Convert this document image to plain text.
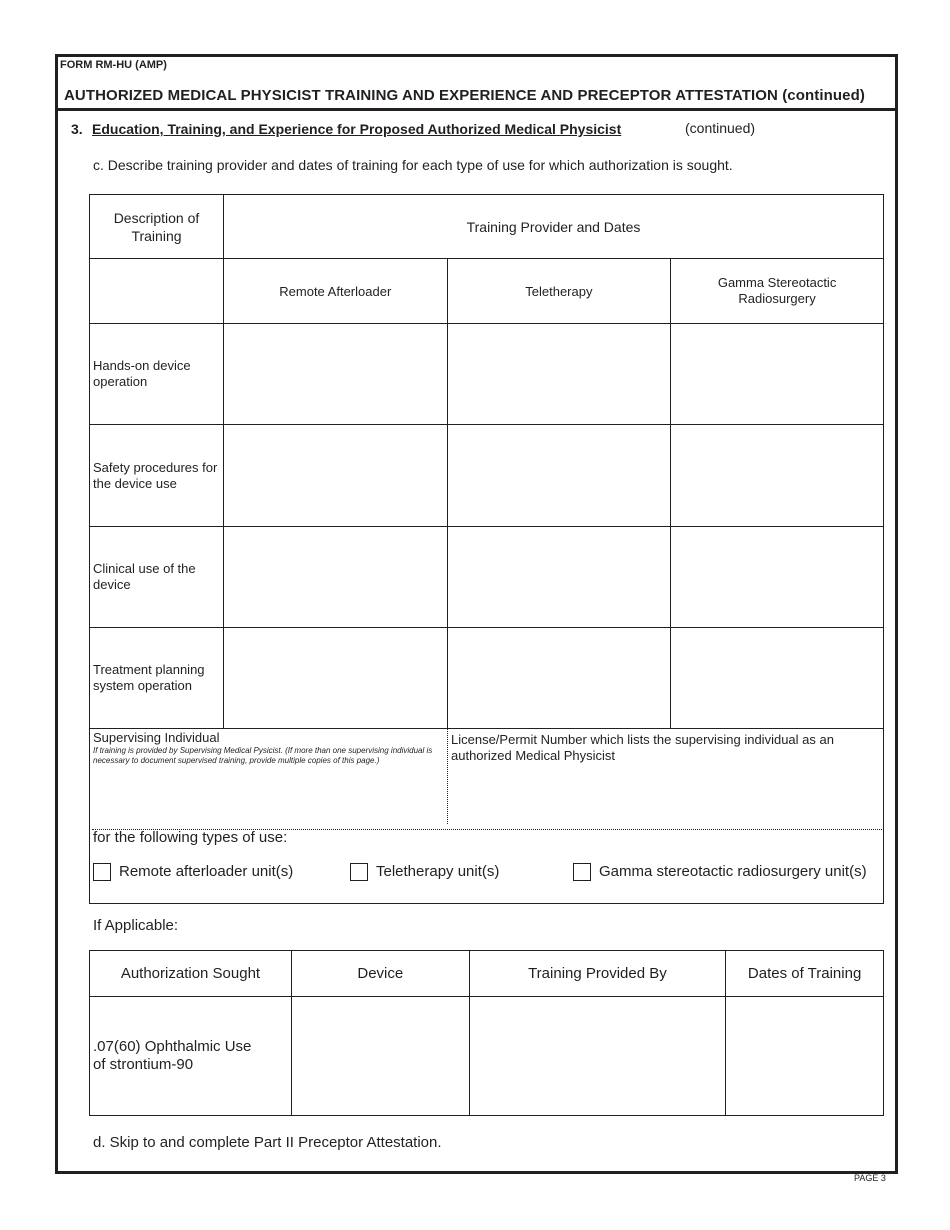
FORM RM-HU (AMP)
AUTHORIZED MEDICAL PHYSICIST TRAINING AND EXPERIENCE AND PRECEPTOR ATTESTATION (continued)
3. Education, Training, and Experience for Proposed Authorized Medical Physicist	(continued)
c. Describe training provider and dates of training for each type of use for which authorization is sought.
Description of Training	Training Provider and Dates		
	Remote Afterloader	Teletherapy	Gamma Stereotactic Radiosurgery

Hands-on device operation			

Safety procedures for the device use			

Clinical use of the device			

Treatment planning system operation			

Supervising Individual
If training is provided by Supervising Medical Pysicist. (If more than one supervising individual is necessary to document supervised training, provide multiple copies of this page.)
License/Permit Number which lists the supervising individual as an authorized Medical Physicist
for the following types of use:
Remote afterloader unit(s)	Teletherapy unit(s)	Gamma stereotactic radiosurgery unit(s)
If Applicable:
Authorization Sought	Device	Training Provided By	Dates of Training

.07(60) Ophthalmic Use of strontium-90			

d. Skip to and complete Part II Preceptor Attestation.
PAGE 3
